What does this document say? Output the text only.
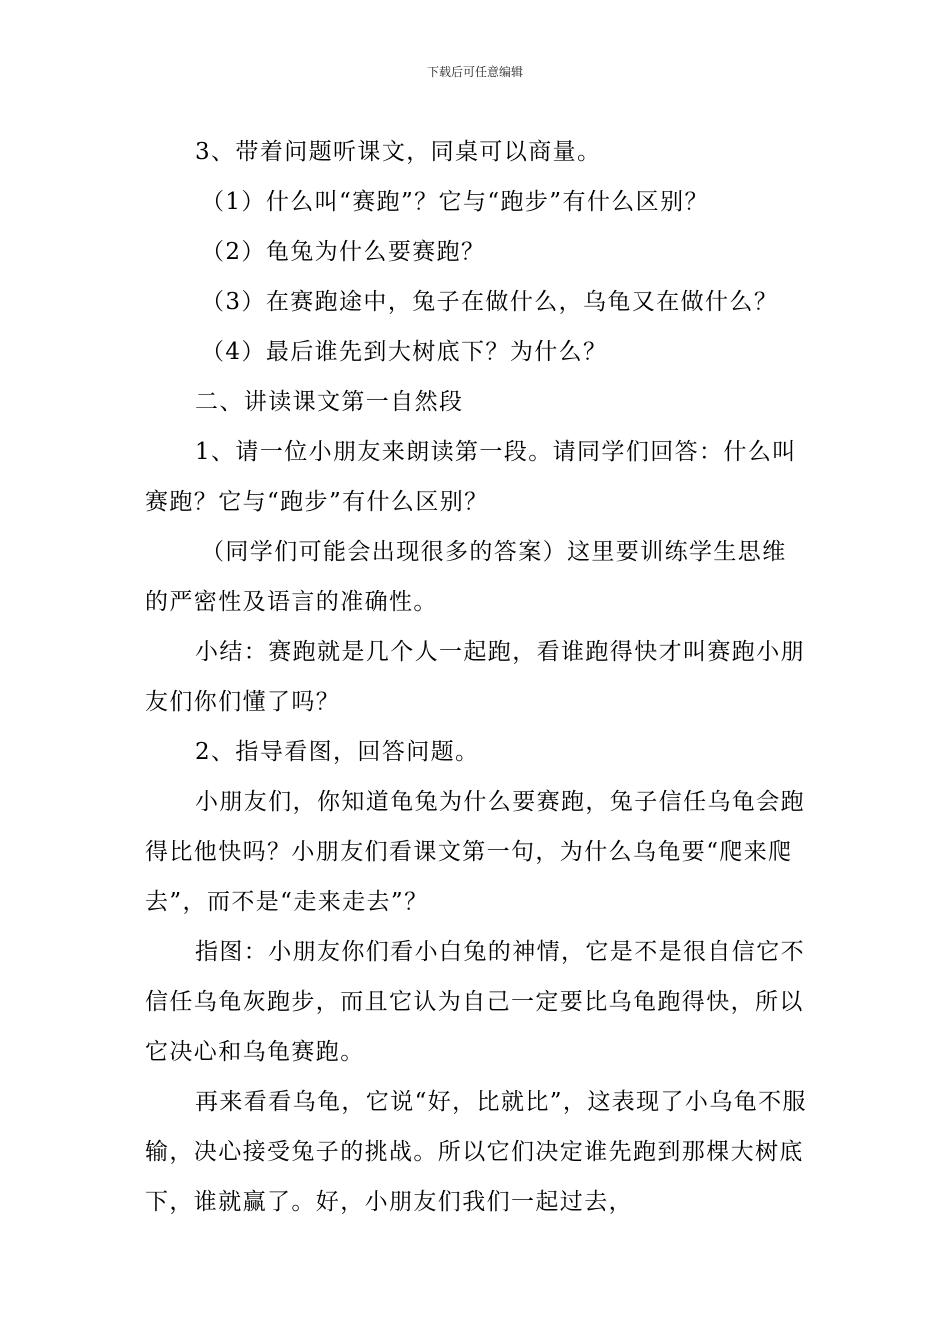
下载后可任意编辑

3、带着问题听课文，同桌可以商量。

（1）什么叫“赛跑”？它与“跑步”有什么区别？

（2）龟兔为什么要赛跑？

（3）在赛跑途中，兔子在做什么，乌龟又在做什么？

（4）最后谁先到大树底下？为什么？

二、讲读课文第一自然段

1、请一位小朋友来朗读第一段。请同学们回答：什么叫赛跑？它与“跑步”有什么区别？

（同学们可能会出现很多的答案）这里要训练学生思维的严密性及语言的准确性。

小结：赛跑就是几个人一起跑，看谁跑得快才叫赛跑小朋友们你们懂了吗？

2、指导看图，回答问题。

小朋友们，你知道龟兔为什么要赛跑，兔子信任乌龟会跑得比他快吗？小朋友们看课文第一句，为什么乌龟要“爬来爬去”，而不是“走来走去”？

指图：小朋友你们看小白兔的神情，它是不是很自信它不信任乌龟灰跑步，而且它认为自己一定要比乌龟跑得快，所以它决心和乌龟赛跑。

再来看看乌龟，它说“好，比就比”，这表现了小乌龟不服输，决心接受兔子的挑战。所以它们决定谁先跑到那棵大树底下，谁就赢了。好，小朋友们我们一起过去，
